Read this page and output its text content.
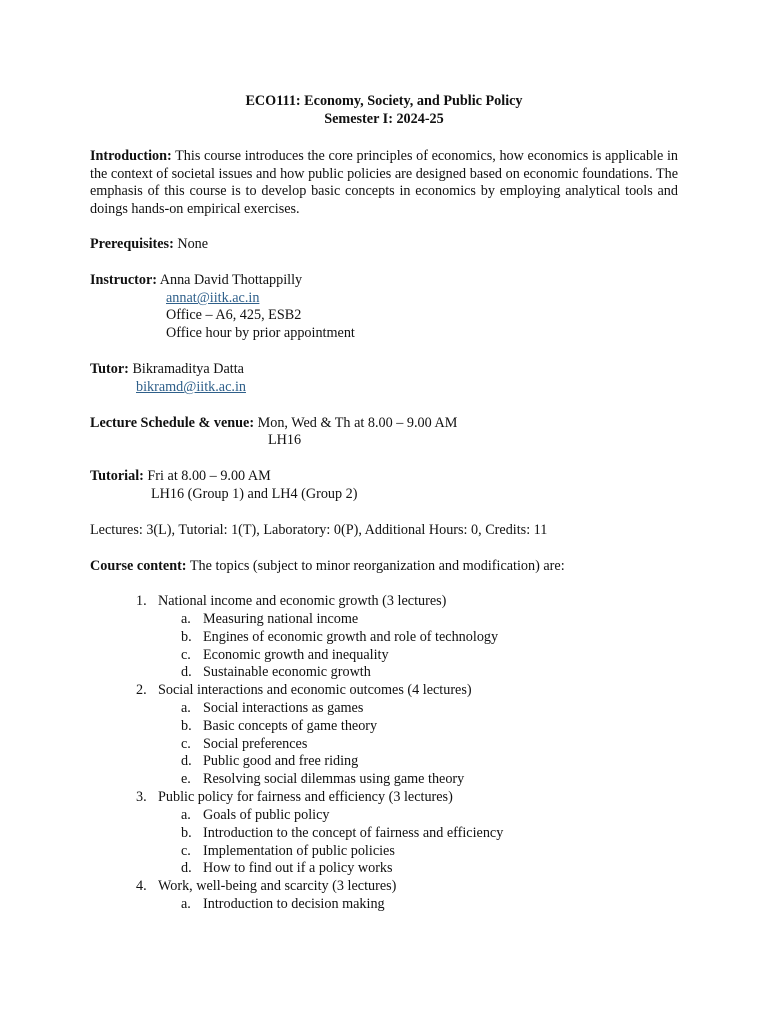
ECO111: Economy, Society, and Public Policy
Semester I: 2024-25
Introduction: This course introduces the core principles of economics, how economics is applicable in the context of societal issues and how public policies are designed based on economic foundations. The emphasis of this course is to develop basic concepts in economics by employing analytical tools and doings hands-on empirical exercises.
Prerequisites: None
Instructor: Anna David Thottappilly
annat@iitk.ac.in
Office – A6, 425, ESB2
Office hour by prior appointment
Tutor: Bikramaditya Datta
bikramd@iitk.ac.in
Lecture Schedule & venue: Mon, Wed & Th at 8.00 – 9.00 AM
LH16
Tutorial: Fri at 8.00 – 9.00 AM
LH16 (Group 1) and LH4 (Group 2)
Lectures: 3(L), Tutorial: 1(T), Laboratory: 0(P), Additional Hours: 0, Credits: 11
Course content: The topics (subject to minor reorganization and modification) are:
1. National income and economic growth (3 lectures)
a. Measuring national income
b. Engines of economic growth and role of technology
c. Economic growth and inequality
d. Sustainable economic growth
2. Social interactions and economic outcomes (4 lectures)
a. Social interactions as games
b. Basic concepts of game theory
c. Social preferences
d. Public good and free riding
e. Resolving social dilemmas using game theory
3. Public policy for fairness and efficiency (3 lectures)
a. Goals of public policy
b. Introduction to the concept of fairness and efficiency
c. Implementation of public policies
d. How to find out if a policy works
4. Work, well-being and scarcity (3 lectures)
a. Introduction to decision making
